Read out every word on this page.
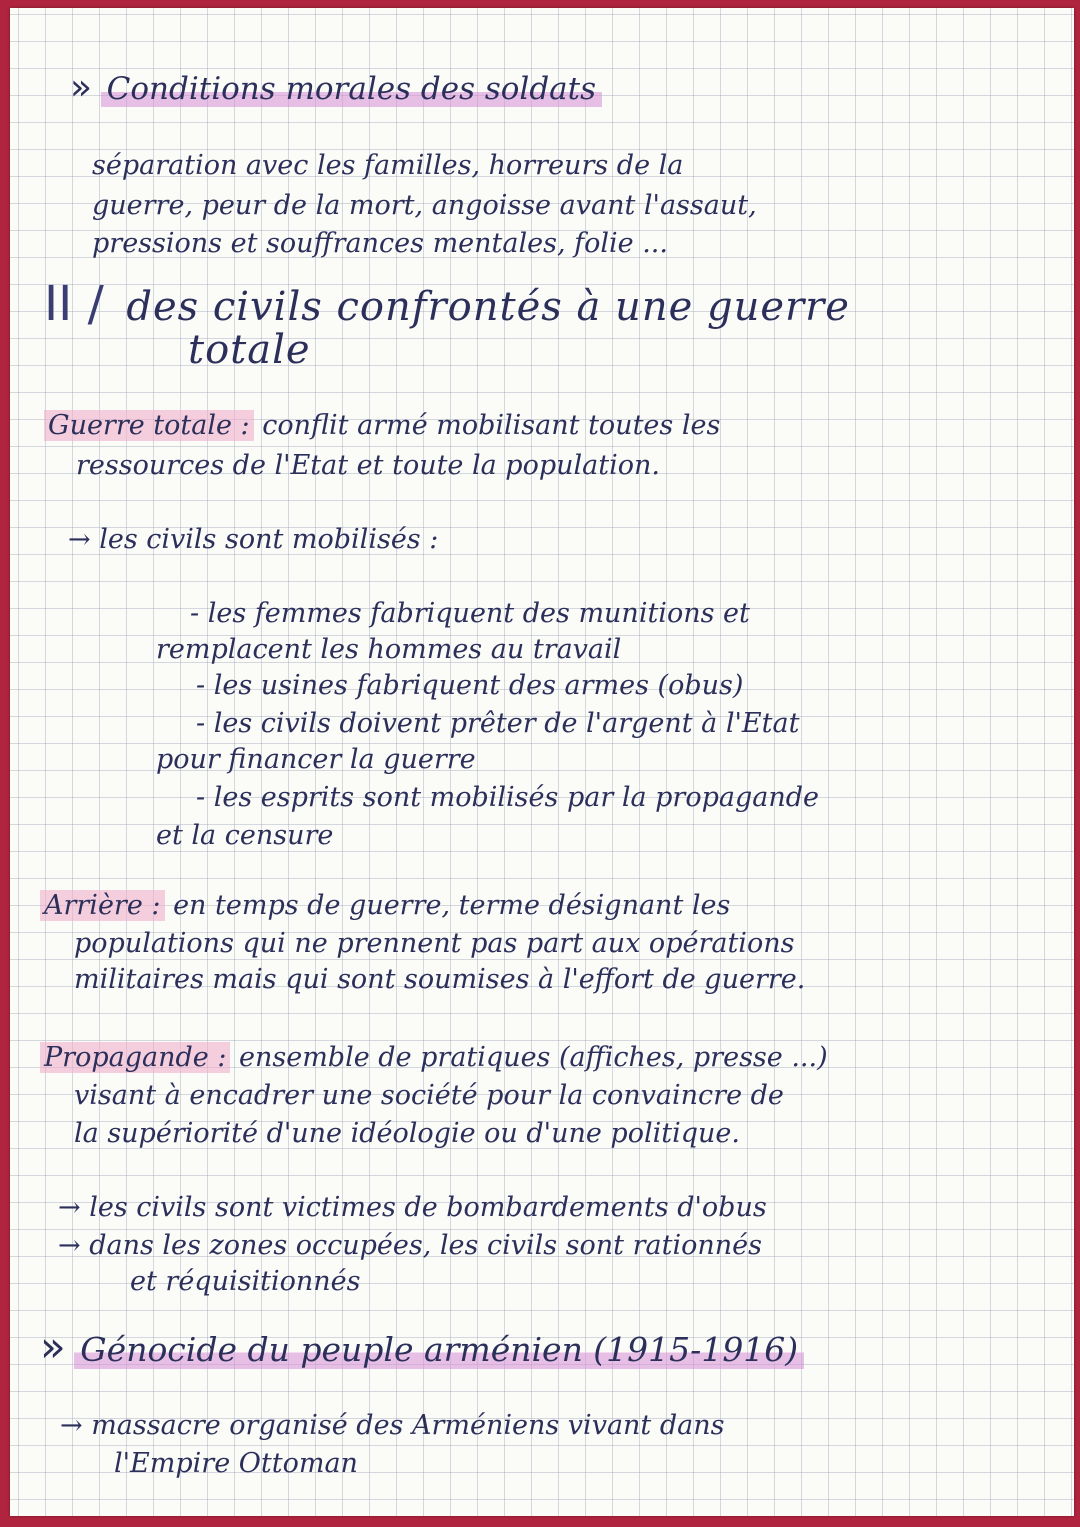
» Conditions morales des soldats
séparation avec les familles, horreurs de la
guerre, peur de la mort, angoisse avant l'assaut,
pressions et souffrances mentales, folie ...
II / des civils confrontés à une guerre
totale
Guerre totale : conflit armé mobilisant toutes les
ressources de l'Etat et toute la population.
→ les civils sont mobilisés :
- les femmes fabriquent des munitions et
remplacent les hommes au travail
- les usines fabriquent des armes (obus)
- les civils doivent prêter de l'argent à l'Etat
pour financer la guerre
- les esprits sont mobilisés par la propagande
et la censure
Arrière : en temps de guerre, terme désignant les
populations qui ne prennent pas part aux opérations
militaires mais qui sont soumises à l'effort de guerre.
Propagande : ensemble de pratiques (affiches, presse ...)
visant à encadrer une société pour la convaincre de
la supériorité d'une idéologie ou d'une politique.
→ les civils sont victimes de bombardements d'obus
→ dans les zones occupées, les civils sont rationnés
et réquisitionnés
» Génocide du peuple arménien (1915-1916)
→ massacre organisé des Arméniens vivant dans
l'Empire Ottoman
